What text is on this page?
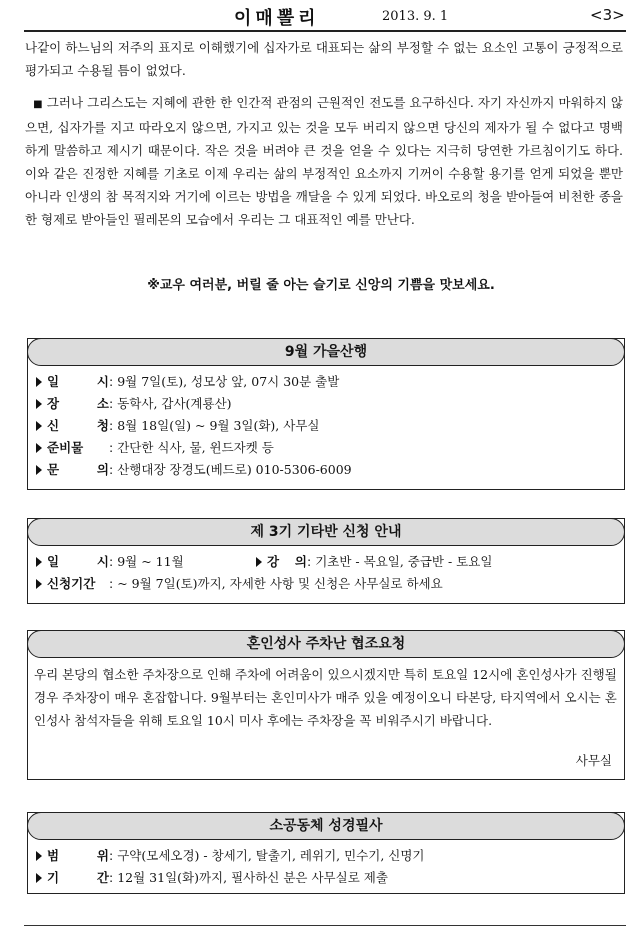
이매뽈리	2013. 9. 1	<3>
나같이 하느님의 저주의 표지로 이해했기에 십자가로 대표되는 삶의 부정할 수 없는 요소인 고통이 긍정적으로 평가되고 수용될 틈이 없었다.
■ 그러나 그리스도는 지혜에 관한 한 인간적 관점의 근원적인 전도를 요구하신다. 자기 자신까지 마워하지 않으면, 십자가를 지고 따라오지 않으면, 가지고 있는 것을 모두 버리지 않으면 당신의 제자가 될 수 없다고 명백하게 말씀하고 제시기 때문이다. 작은 것을 버려야 큰 것을 얻을 수 있다는 지극히 당연한 가르침이기도 하다. 이와 같은 진정한 지혜를 기초로 이제 우리는 삶의 부정적인 요소까지 기꺼이 수용할 용기를 얻게 되었을 뿐만 아니라 인생의 참 목적지와 거기에 이르는 방법을 깨달을 수 있게 되었다. 바오로의 청을 받아들여 비천한 종을 한 형제로 받아들인 필레몬의 모습에서 우리는 그 대표적인 예를 만난다.
※교우 여러분, 버릴 줄 아는 슬기로 신앙의 기쁨을 맛보세요.
9월 가을산행
일 시: 9월 7일(토), 성모상 앞, 07시 30분 출발
장 소: 동학사, 갑사(계룡산)
신 청: 8월 18일(일) ~ 9월 3일(화), 사무실
준비물 : 간단한 식사, 물, 윈드자켓 등
문 의: 산행대장 장경도(베드로) 010-5306-6009
제 3기 기타반 신청 안내
일 시: 9월 ~ 11월	강 의: 기초반 - 목요일, 중급반 - 토요일
신청기간 : ~ 9월 7일(토)까지, 자세한 사항 및 신청은 사무실로 하세요
혼인성사 주차난 협조요청
우리 본당의 협소한 주차장으로 인해 주차에 어려움이 있으시겠지만 특히 토요일 12시에 혼인성사가 진행될 경우 주차장이 매우 혼잡합니다. 9월부터는 혼인미사가 매주 있을 예정이오니 타본당, 타지역에서 오시는 혼인성사 참석자들을 위해 토요일 10시 미사 후에는 주차장을 꼭 비워주시기 바랍니다.
사무실
소공동체 성경필사
범 위: 구약(모세오경) - 창세기, 탈출기, 레위기, 민수기, 신명기
기 간: 12월 31일(화)까지, 필사하신 분은 사무실로 제출
